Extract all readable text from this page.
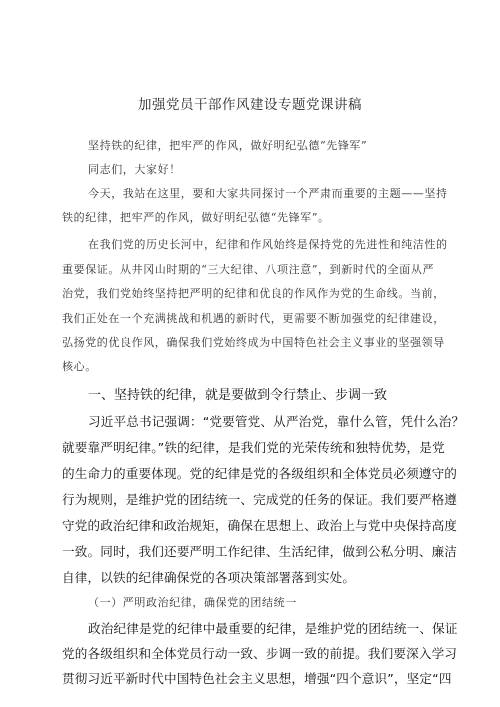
加强党员干部作风建设专题党课讲稿

坚持铁的纪律，把牢严的作风，做好明纪弘德“先锋军”

同志们，大家好！

今天，我站在这里，要和大家共同探讨一个严肃而重要的主题——坚持

铁的纪律，把牢严的作风，做好明纪弘德“先锋军”。

在我们党的历史长河中，纪律和作风始终是保持党的先进性和纯洁性的

重要保证。从井冈山时期的“三大纪律、八项注意”，到新时代的全面从严

治党，我们党始终坚持把严明的纪律和优良的作风作为党的生命线。当前，

我们正处在一个充满挑战和机遇的新时代，更需要不断加强党的纪律建设，

弘扬党的优良作风，确保我们党始终成为中国特色社会主义事业的坚强领导

核心。

一、坚持铁的纪律，就是要做到令行禁止、步调一致

习近平总书记强调：“党要管党、从严治党，靠什么管，凭什么治？

就要靠严明纪律。”铁的纪律，是我们党的光荣传统和独特优势，是党

的生命力的重要体现。党的纪律是党的各级组织和全体党员必须遵守的

行为规则，是维护党的团结统一、完成党的任务的保证。我们要严格遵

守党的政治纪律和政治规矩，确保在思想上、政治上与党中央保持高度

一致。同时，我们还要严明工作纪律、生活纪律，做到公私分明、廉洁

自律，以铁的纪律确保党的各项决策部署落到实处。

（一）严明政治纪律，确保党的团结统一

政治纪律是党的纪律中最重要的纪律，是维护党的团结统一、保证

党的各级组织和全体党员行动一致、步调一致的前提。我们要深入学习

贯彻习近平新时代中国特色社会主义思想，增强“四个意识”，坚定“四
